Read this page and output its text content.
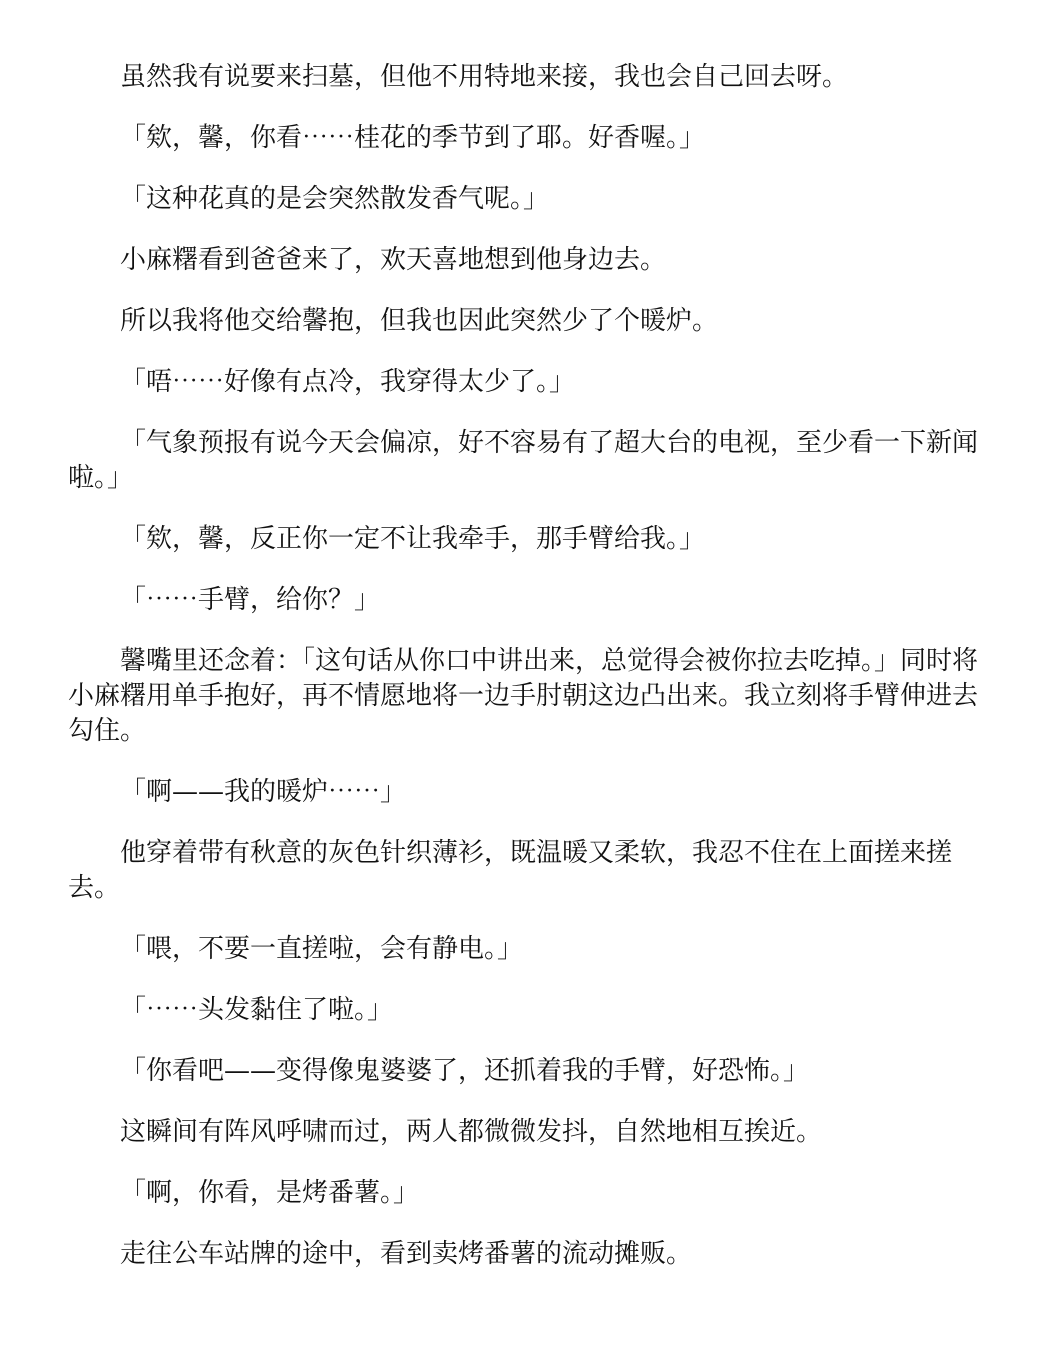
虽然我有说要来扫墓，但他不用特地来接，我也会自己回去呀。

「欸，馨，你看⋯⋯桂花的季节到了耶。好香喔。」

「这种花真的是会突然散发香气呢。」

小麻糬看到爸爸来了，欢天喜地想到他身边去。

所以我将他交给馨抱，但我也因此突然少了个暖炉。

「唔⋯⋯好像有点冷，我穿得太少了。」

「气象预报有说今天会偏凉，好不容易有了超大台的电视，至少看一下新闻啦。」

「欸，馨，反正你一定不让我牵手，那手臂给我。」

「⋯⋯手臂，给你？」

馨嘴里还念着：「这句话从你口中讲出来，总觉得会被你拉去吃掉。」同时将小麻糬用单手抱好，再不情愿地将一边手肘朝这边凸出来。我立刻将手臂伸进去勾住。

「啊——我的暖炉⋯⋯」

他穿着带有秋意的灰色针织薄衫，既温暖又柔软，我忍不住在上面搓来搓去。

「喂，不要一直搓啦，会有静电。」

「⋯⋯头发黏住了啦。」

「你看吧——变得像鬼婆婆了，还抓着我的手臂，好恐怖。」

这瞬间有阵风呼啸而过，两人都微微发抖，自然地相互挨近。

「啊，你看，是烤番薯。」

走往公车站牌的途中，看到卖烤番薯的流动摊贩。
